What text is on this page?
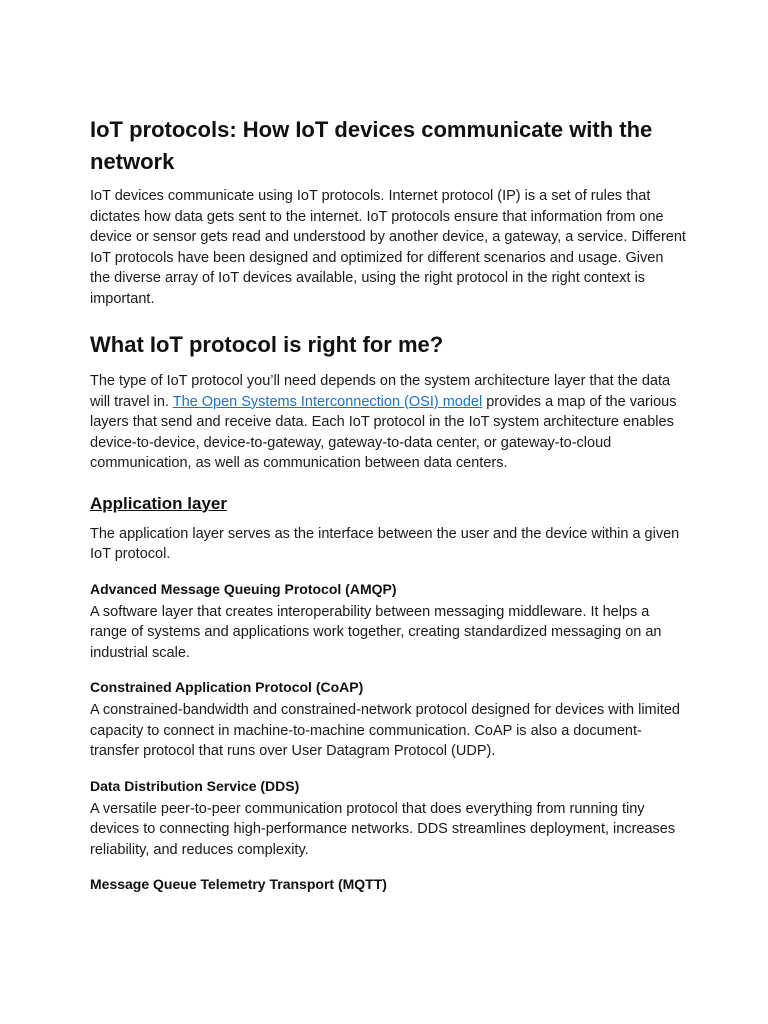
IoT protocols: How IoT devices communicate with the network

IoT devices communicate using IoT protocols. Internet protocol (IP) is a set of rules that dictates how data gets sent to the internet. IoT protocols ensure that information from one device or sensor gets read and understood by another device, a gateway, a service. Different IoT protocols have been designed and optimized for different scenarios and usage. Given the diverse array of IoT devices available, using the right protocol in the right context is important.

What IoT protocol is right for me?

The type of IoT protocol you’ll need depends on the system architecture layer that the data will travel in. The Open Systems Interconnection (OSI) model provides a map of the various layers that send and receive data. Each IoT protocol in the IoT system architecture enables device-to-device, device-to-gateway, gateway-to-data center, or gateway-to-cloud communication, as well as communication between data centers.

Application layer

The application layer serves as the interface between the user and the device within a given IoT protocol.

Advanced Message Queuing Protocol (AMQP)

A software layer that creates interoperability between messaging middleware. It helps a range of systems and applications work together, creating standardized messaging on an industrial scale.

Constrained Application Protocol (CoAP)

A constrained-bandwidth and constrained-network protocol designed for devices with limited capacity to connect in machine-to-machine communication. CoAP is also a document-transfer protocol that runs over User Datagram Protocol (UDP).

Data Distribution Service (DDS)

A versatile peer-to-peer communication protocol that does everything from running tiny devices to connecting high-performance networks. DDS streamlines deployment, increases reliability, and reduces complexity.

Message Queue Telemetry Transport (MQTT)
